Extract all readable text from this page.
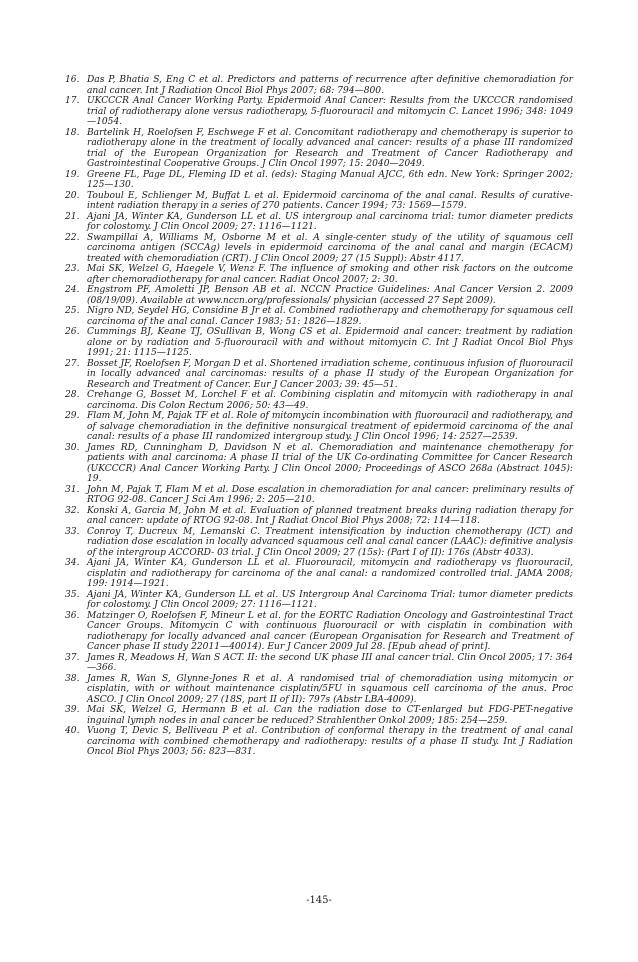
16. Das P, Bhatia S, Eng C et al. Predictors and patterns of recurrence after definitive chemoradiation for anal cancer. Int J Radiation Oncol Biol Phys 2007; 68: 794—800.
17. UKCCCR Anal Cancer Working Party. Epidermoid Anal Cancer: Results from the UKCCCR randomised trial of radiotherapy alone versus radiotherapy, 5-fluorouracil and mitomycin C. Lancet 1996; 348: 1049—1054.
18. Bartelink H, Roelofsen F, Eschwege F et al. Concomitant radiotherapy and chemotherapy is superior to radiotherapy alone in the treatment of locally advanced anal cancer: results of a phase III randomized trial of the European Organization for Research and Treatment of Cancer Radiotherapy and Gastrointestinal Cooperative Groups. J Clin Oncol 1997; 15: 2040—2049.
19. Greene FL, Page DL, Fleming ID et al. (eds): Staging Manual AJCC, 6th edn. New York: Springer 2002; 125—130.
20. Touboul E, Schlienger M, Buffat L et al. Epidermoid carcinoma of the anal canal. Results of curative-intent radiation therapy in a series of 270 patients. Cancer 1994; 73: 1569—1579.
21. Ajani JA, Winter KA, Gunderson LL et al. US intergroup anal carcinoma trial: tumor diameter predicts for colostomy. J Clin Oncol 2009; 27: 1116—1121.
22. Swampillai A, Williams M, Osborne M et al. A single-center study of the utility of squamous cell carcinoma antigen (SCCAg) levels in epidermoid carcinoma of the anal canal and margin (ECACM) treated with chemoradiation (CRT). J Clin Oncol 2009; 27 (15 Suppl): Abstr 4117.
23. Mai SK, Welzel G, Haegele V, Wenz F. The influence of smoking and other risk factors on the outcome after chemoradiotherapy for anal cancer. Radiat Oncol 2007; 2: 30.
24. Engstrom PF, Amoletti JP, Benson AB et al. NCCN Practice Guidelines: Anal Cancer Version 2. 2009 (08/19/09). Available at www.nccn.org/professionals/ physician (accessed 27 Sept 2009).
25. Nigro ND, Seydel HG, Considine B Jr et al. Combined radiotherapy and chemotherapy for squamous cell carcinoma of the anal canal. Cancer 1983; 51: 1826—1829.
26. Cummings BJ, Keane TJ, OSullivan B, Wong CS et al. Epidermoid anal cancer: treatment by radiation alone or by radiation and 5-fluorouracil with and without mitomycin C. Int J Radiat Oncol Biol Phys 1991; 21: 1115—1125.
27. Bosset JF, Roelofsen F, Morgan D et al. Shortened irradiation scheme, continuous infusion of fluorouracil in locally advanced anal carcinomas: results of a phase II study of the European Organization for Research and Treatment of Cancer. Eur J Cancer 2003; 39: 45—51.
28. Crehange G, Bosset M, Lorchel F et al. Combining cisplatin and mitomycin with radiotherapy in anal carcinoma. Dis Colon Rectum 2006; 50: 43—49.
29. Flam M, John M, Pajak TF et al. Role of mitomycin incombination with fluorouracil and radiotherapy, and of salvage chemoradiation in the definitive nonsurgical treatment of epidermoid carcinoma of the anal canal: results of a phase III randomized intergroup study. J Clin Oncol 1996; 14: 2527—2539.
30. James RD, Cunningham D, Davidson N et al. Chemoradiation and maintenance chemotherapy for patients with anal carcinoma: A phase II trial of the UK Co-ordinating Committee for Cancer Research (UKCCCR) Anal Cancer Working Party. J Clin Oncol 2000; Proceedings of ASCO 268a (Abstract 1045): 19.
31. John M, Pajak T, Flam M et al. Dose escalation in chemoradiation for anal cancer: preliminary results of RTOG 92-08. Cancer J Sci Am 1996; 2: 205—210.
32. Konski A, Garcia M, John M et al. Evaluation of planned treatment breaks during radiation therapy for anal cancer: update of RTOG 92-08. Int J Radiat Oncol Biol Phys 2008; 72: 114—118.
33. Conroy T, Ducreux M, Lemanski C. Treatment intensification by induction chemotherapy (ICT) and radiation dose escalation in locally advanced squamous cell anal canal cancer (LAAC): definitive analysis of the intergroup ACCORD- 03 trial. J Clin Oncol 2009; 27 (15s): (Part I of II): 176s (Abstr 4033).
34. Ajani JA, Winter KA, Gunderson LL et al. Fluorouracil, mitomycin and radiotherapy vs fluorouracil, cisplatin and radiotherapy for carcinoma of the anal canal: a randomized controlled trial. JAMA 2008; 199: 1914—1921.
35. Ajani JA, Winter KA, Gunderson LL et al. US Intergroup Anal Carcinoma Trial: tumor diameter predicts for colostomy. J Clin Oncol 2009; 27: 1116—1121.
36. Matzinger O, Roelofsen F, Mineur L et al. for the EORTC Radiation Oncology and Gastrointestinal Tract Cancer Groups. Mitomycin C with continuous fluorouracil or with cisplatin in combination with radiotherapy for locally advanced anal cancer (European Organisation for Research and Treatment of Cancer phase II study 22011—40014). Eur J Cancer 2009 Jul 28. [Epub ahead of print].
37. James R, Meadows H, Wan S ACT. II: the second UK phase III anal cancer trial. Clin Oncol 2005; 17: 364—366.
38. James R, Wan S, Glynne-Jones R et al. A randomised trial of chemoradiation using mitomycin or cisplatin, with or without maintenance cisplatin/5FU in squamous cell carcinoma of the anus. Proc ASCO. J Clin Oncol 2009; 27 (18S, part II of II): 797s (Abstr LBA-4009).
39. Mai SK, Welzel G, Hermann B et al. Can the radiation dose to CT-enlarged but FDG-PET-negative inguinal lymph nodes in anal cancer be reduced? Strahlenther Onkol 2009; 185: 254—259.
40. Vuong T, Devic S, Belliveau P et al. Contribution of conformal therapy in the treatment of anal canal carcinoma with combined chemotherapy and radiotherapy: results of a phase II study. Int J Radiation Oncol Biol Phys 2003; 56: 823—831.
-145-
